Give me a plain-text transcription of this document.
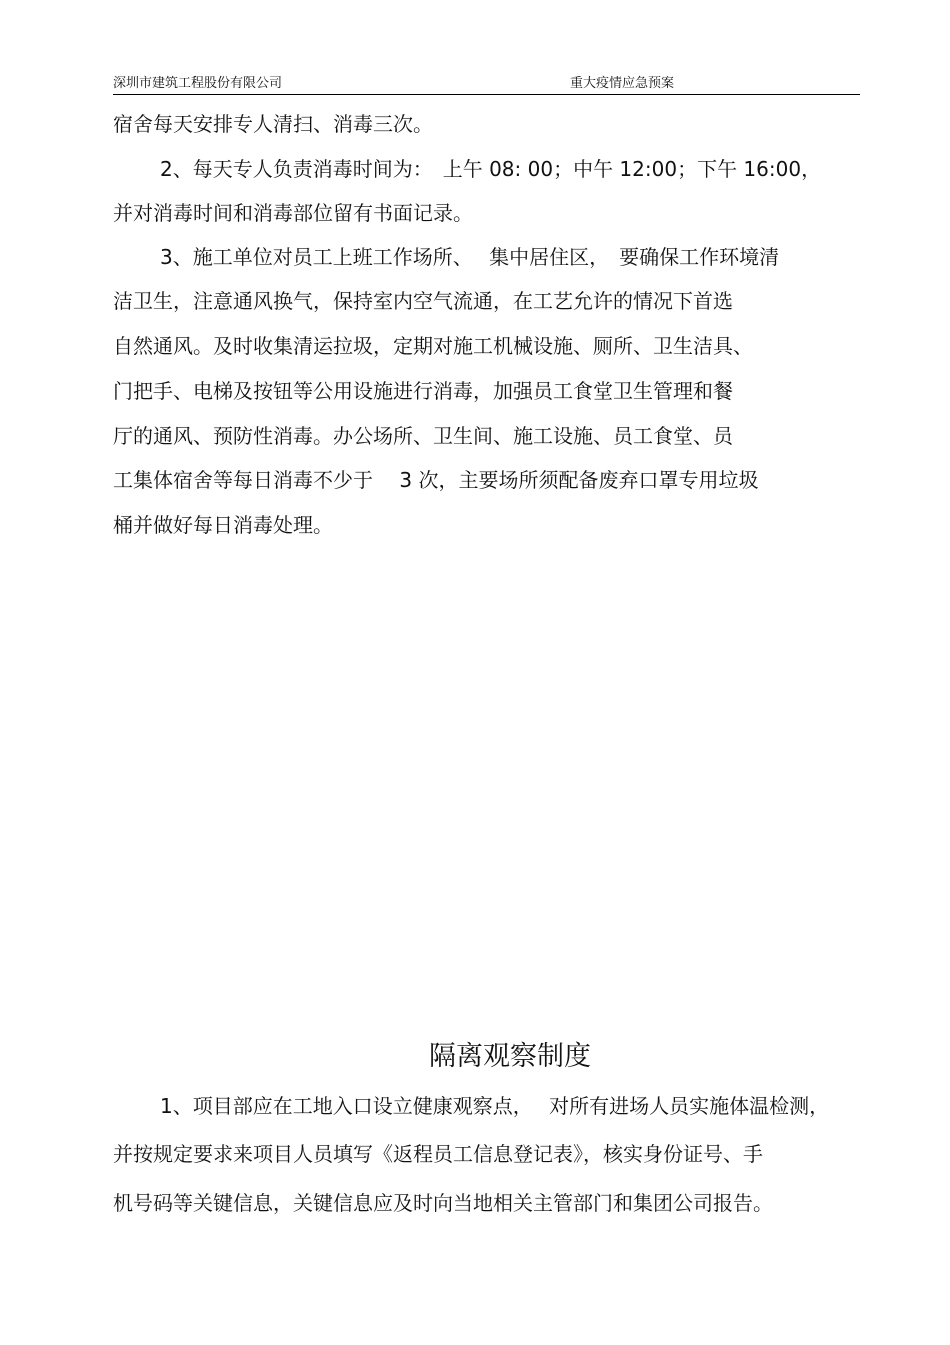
深圳市建筑工程股份有限公司	重大疫情应急预案
宿舍每天安排专人清扫、消毒三次。
2、每天专人负责消毒时间为：　上午 08: 00；中午 12:00；下午 16:00，
并对消毒时间和消毒部位留有书面记录。
3、施工单位对员工上班工作场所、　 集中居住区，　要确保工作环境清
洁卫生，注意通风换气，保持室内空气流通，在工艺允许的情况下首选
自然通风。及时收集清运拉圾，定期对施工机械设施、厕所、卫生洁具、
门把手、电梯及按钮等公用设施进行消毒，加强员工食堂卫生管理和餐
厅的通风、预防性消毒。办公场所、卫生间、施工设施、员工食堂、员
工集体宿舍等每日消毒不少于　 3 次，主要场所须配备废弃口罩专用垃圾
桶并做好每日消毒处理。
隔离观察制度
1、项目部应在工地入口设立健康观察点，　 对所有进场人员实施体温检测，
并按规定要求来项目人员填写《返程员工信息登记表》，核实身份证号、手
机号码等关键信息，关键信息应及时向当地相关主管部门和集团公司报告。
